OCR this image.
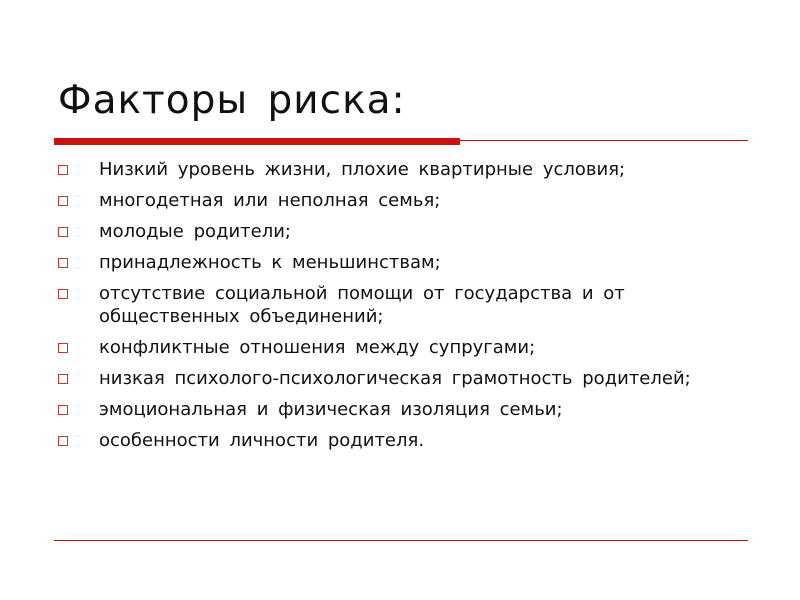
Факторы риска:
Низкий уровень жизни, плохие квартирные условия;
многодетная или неполная семья;
молодые родители;
принадлежность к меньшинствам;
отсутствие социальной помощи от государства и от общественных объединений;
конфликтные отношения между супругами;
низкая психолого-психологическая грамотность родителей;
эмоциональная и физическая изоляция семьи;
особенности личности родителя.
